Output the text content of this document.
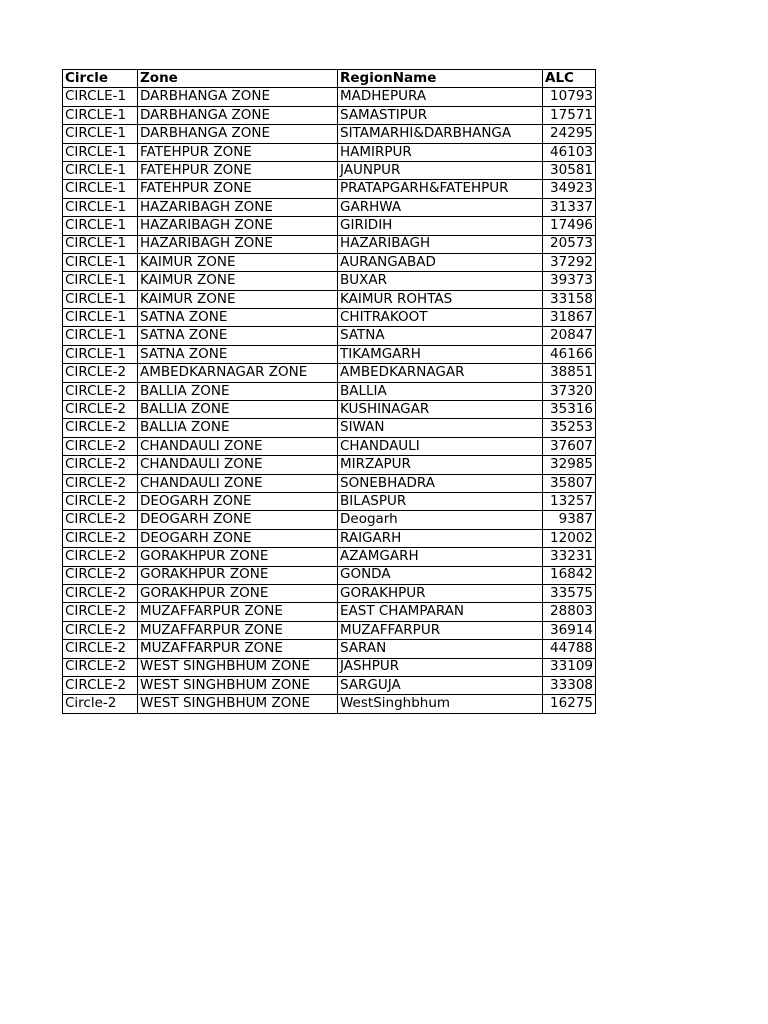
Circle	Zone	RegionName	ALC
CIRCLE-1	DARBHANGA ZONE	MADHEPURA	10793
CIRCLE-1	DARBHANGA ZONE	SAMASTIPUR	17571
CIRCLE-1	DARBHANGA ZONE	SITAMARHI&DARBHANGA	24295
CIRCLE-1	FATEHPUR ZONE	HAMIRPUR	46103
CIRCLE-1	FATEHPUR ZONE	JAUNPUR	30581
CIRCLE-1	FATEHPUR ZONE	PRATAPGARH&FATEHPUR	34923
CIRCLE-1	HAZARIBAGH ZONE	GARHWA	31337
CIRCLE-1	HAZARIBAGH ZONE	GIRIDIH	17496
CIRCLE-1	HAZARIBAGH ZONE	HAZARIBAGH	20573
CIRCLE-1	KAIMUR ZONE	AURANGABAD	37292
CIRCLE-1	KAIMUR ZONE	BUXAR	39373
CIRCLE-1	KAIMUR ZONE	KAIMUR ROHTAS	33158
CIRCLE-1	SATNA ZONE	CHITRAKOOT	31867
CIRCLE-1	SATNA ZONE	SATNA	20847
CIRCLE-1	SATNA ZONE	TIKAMGARH	46166
CIRCLE-2	AMBEDKARNAGAR ZONE	AMBEDKARNAGAR	38851
CIRCLE-2	BALLIA ZONE	BALLIA	37320
CIRCLE-2	BALLIA ZONE	KUSHINAGAR	35316
CIRCLE-2	BALLIA ZONE	SIWAN	35253
CIRCLE-2	CHANDAULI ZONE	CHANDAULI	37607
CIRCLE-2	CHANDAULI ZONE	MIRZAPUR	32985
CIRCLE-2	CHANDAULI ZONE	SONEBHADRA	35807
CIRCLE-2	DEOGARH ZONE	BILASPUR	13257
CIRCLE-2	DEOGARH ZONE	Deogarh	9387
CIRCLE-2	DEOGARH ZONE	RAIGARH	12002
CIRCLE-2	GORAKHPUR ZONE	AZAMGARH	33231
CIRCLE-2	GORAKHPUR ZONE	GONDA	16842
CIRCLE-2	GORAKHPUR ZONE	GORAKHPUR	33575
CIRCLE-2	MUZAFFARPUR ZONE	EAST CHAMPARAN	28803
CIRCLE-2	MUZAFFARPUR ZONE	MUZAFFARPUR	36914
CIRCLE-2	MUZAFFARPUR ZONE	SARAN	44788
CIRCLE-2	WEST SINGHBHUM ZONE	JASHPUR	33109
CIRCLE-2	WEST SINGHBHUM ZONE	SARGUJA	33308
Circle-2	WEST SINGHBHUM ZONE	WestSinghbhum	16275
